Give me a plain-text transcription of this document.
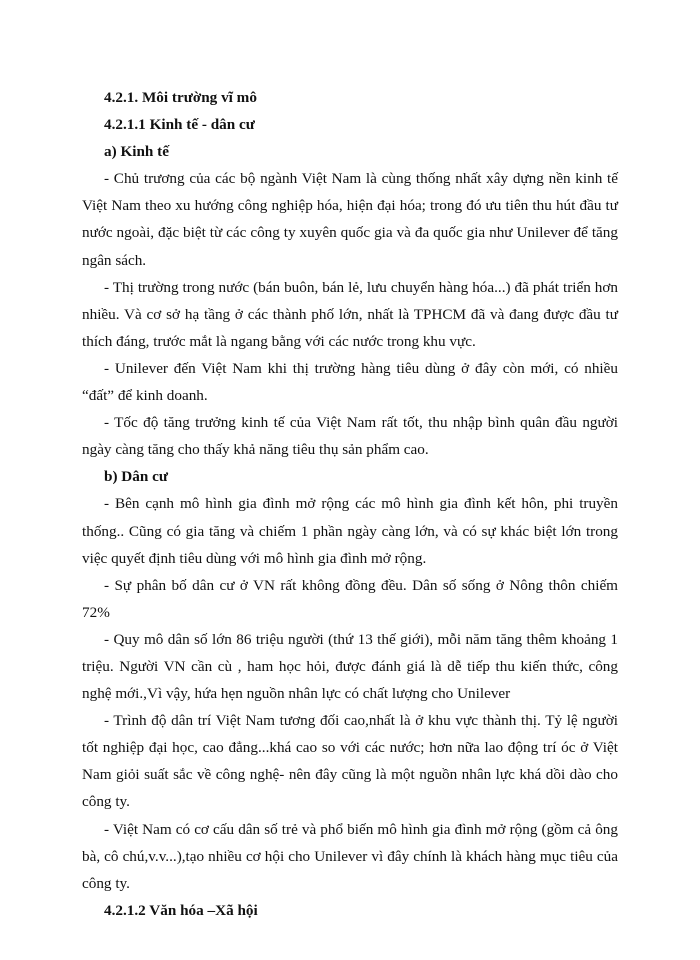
4.2.1. Môi trường vĩ mô

4.2.1.1 Kinh tế - dân cư

a) Kinh tế

- Chủ trương của các bộ ngành Việt Nam là cùng thống nhất xây dựng nền kinh tế Việt Nam theo xu hướng công nghiệp hóa, hiện đại hóa; trong đó ưu tiên thu hút đầu tư nước ngoài, đặc biệt từ các công ty xuyên quốc gia và đa quốc gia như Unilever để tăng ngân sách.

- Thị trường trong nước (bán buôn, bán lẻ, lưu chuyển hàng hóa...) đã phát triển hơn nhiều. Và cơ sở hạ tầng ở các thành phố lớn, nhất là TPHCM đã và đang được đầu tư thích đáng, trước mắt là ngang bằng với các nước trong khu vực.

- Unilever đến Việt Nam khi thị trường hàng tiêu dùng ở đây còn mới, có nhiều “đất” để kinh doanh.

- Tốc độ tăng trưởng kinh tế của Việt Nam rất tốt, thu nhập bình quân đầu người ngày càng tăng cho thấy khả năng tiêu thụ sản phẩm cao.

b) Dân cư

- Bên cạnh mô hình gia đình mở rộng các mô hình gia đình kết hôn, phi truyền thống.. Cũng có gia tăng và chiếm 1 phần ngày càng lớn, và có sự khác biệt lớn trong việc quyết định tiêu dùng với mô hình gia đình mở rộng.

- Sự phân bố dân cư ở VN rất không đồng đều. Dân số sống ở Nông thôn chiếm 72%

- Quy mô dân số lớn 86 triệu người (thứ 13 thế giới), mỗi năm tăng thêm khoảng 1 triệu. Người VN cần cù , ham học hỏi, được đánh giá là dễ tiếp thu kiến thức, công nghệ mới.,Vì vậy, hứa hẹn nguồn nhân lực có chất lượng cho Unilever

- Trình độ dân trí Việt Nam tương đối cao,nhất là ở khu vực thành thị. Tỷ lệ người tốt nghiệp đại học, cao đẳng...khá cao so với các nước; hơn nữa lao động trí óc ở Việt Nam giỏi suất sắc về công nghệ- nên đây cũng là một nguồn nhân lực khá dồi dào cho công ty.

- Việt Nam có cơ cấu dân số trẻ và phổ biến mô hình gia đình mở rộng (gồm cả ông bà, cô chú,v.v...),tạo nhiều cơ hội cho Unilever vì đây chính là khách hàng mục tiêu của công ty.

4.2.1.2 Văn hóa –Xã hội
